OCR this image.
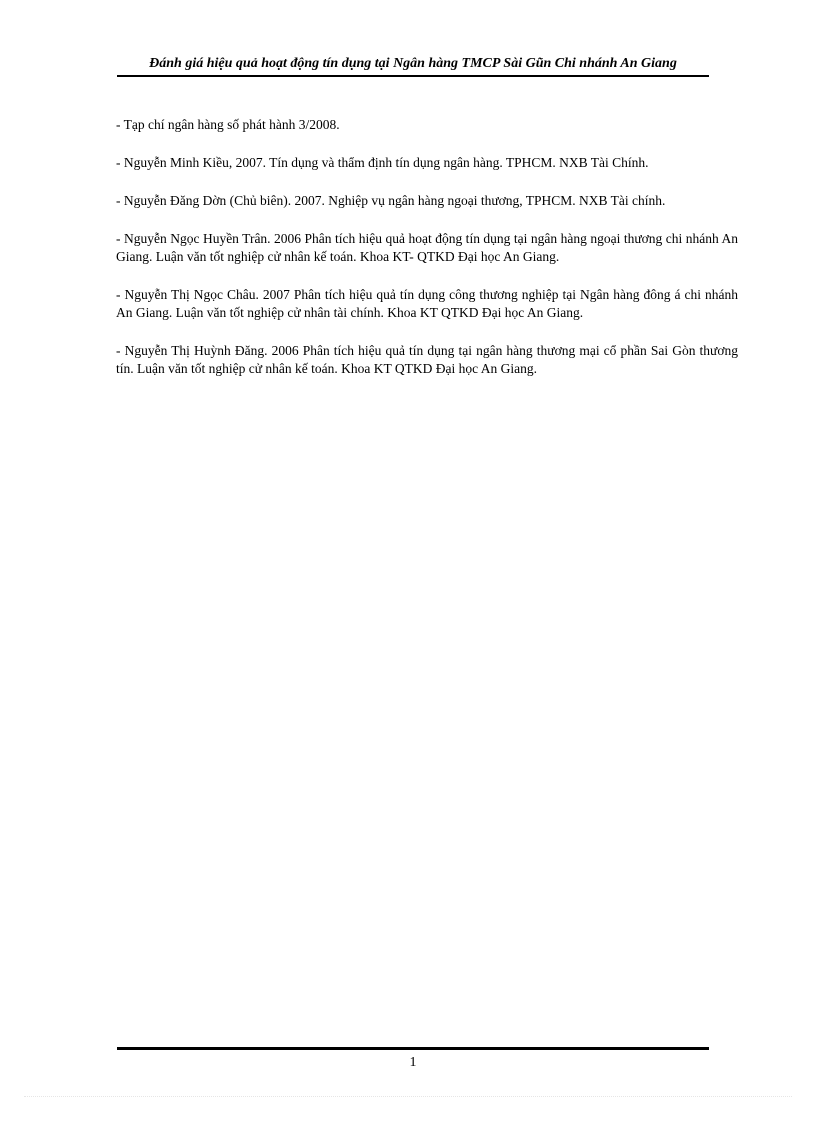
Đánh giá hiệu quả hoạt động tín dụng tại Ngân hàng TMCP Sài Gũn Chi nhánh An Giang

- Tạp chí ngân hàng số phát hành 3/2008.

- Nguyễn Minh Kiều, 2007. Tín dụng và thẩm định tín dụng ngân hàng. TPHCM. NXB Tài Chính.

- Nguyễn Đăng Dờn (Chủ biên). 2007. Nghiệp vụ ngân hàng ngoại thương, TPHCM. NXB Tài chính.

- Nguyễn Ngọc Huyền Trân. 2006 Phân tích hiệu quả hoạt động tín dụng tại ngân hàng ngoại thương chi nhánh An Giang. Luận văn tốt nghiệp cử nhân kế toán. Khoa KT- QTKD Đại học An Giang.

- Nguyễn Thị Ngọc Châu. 2007 Phân tích hiệu quả tín dụng công thương nghiệp tại Ngân hàng đông á chi nhánh An Giang. Luận văn tốt nghiệp cử nhân tài chính. Khoa KT QTKD Đại học An Giang.

- Nguyễn Thị Huỳnh Đăng. 2006 Phân tích hiệu quả tín dụng tại ngân hàng thương mại cổ phần Sai Gòn thương tín. Luận văn tốt nghiệp cử nhân kế toán. Khoa KT QTKD Đại học An Giang.

1
